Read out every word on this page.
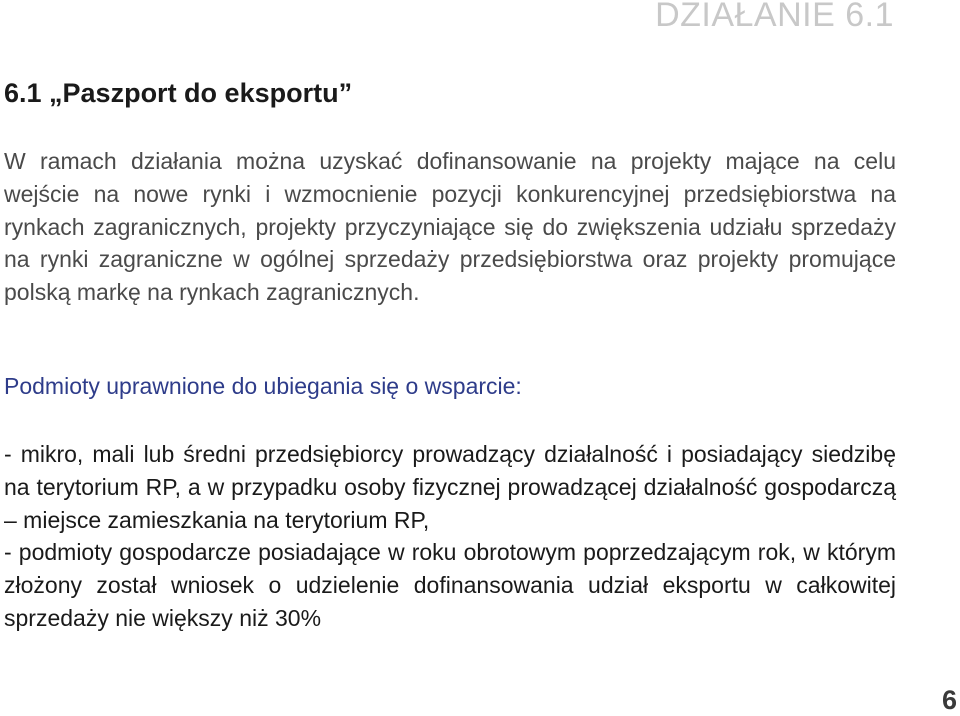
DZIAŁANIE 6.1
6.1 „Paszport do eksportu”

W ramach działania można uzyskać dofinansowanie na projekty mające na celu wejście na nowe rynki i wzmocnienie pozycji konkurencyjnej przedsiębiorstwa na rynkach zagranicznych, projekty przyczyniające się do zwiększenia udziału sprzedaży na rynki zagraniczne w ogólnej sprzedaży przedsiębiorstwa oraz projekty promujące polską markę na rynkach zagranicznych.

Podmioty uprawnione do ubiegania się o wsparcie:

- mikro, mali lub średni przedsiębiorcy prowadzący działalność i posiadający siedzibę na terytorium RP, a w przypadku osoby fizycznej prowadzącej działalność gospodarczą – miejsce zamieszkania na terytorium RP,

- podmioty gospodarcze posiadające w roku obrotowym poprzedzającym rok, w którym złożony został wniosek o udzielenie dofinansowania udział eksportu w całkowitej sprzedaży nie większy niż 30%

6
